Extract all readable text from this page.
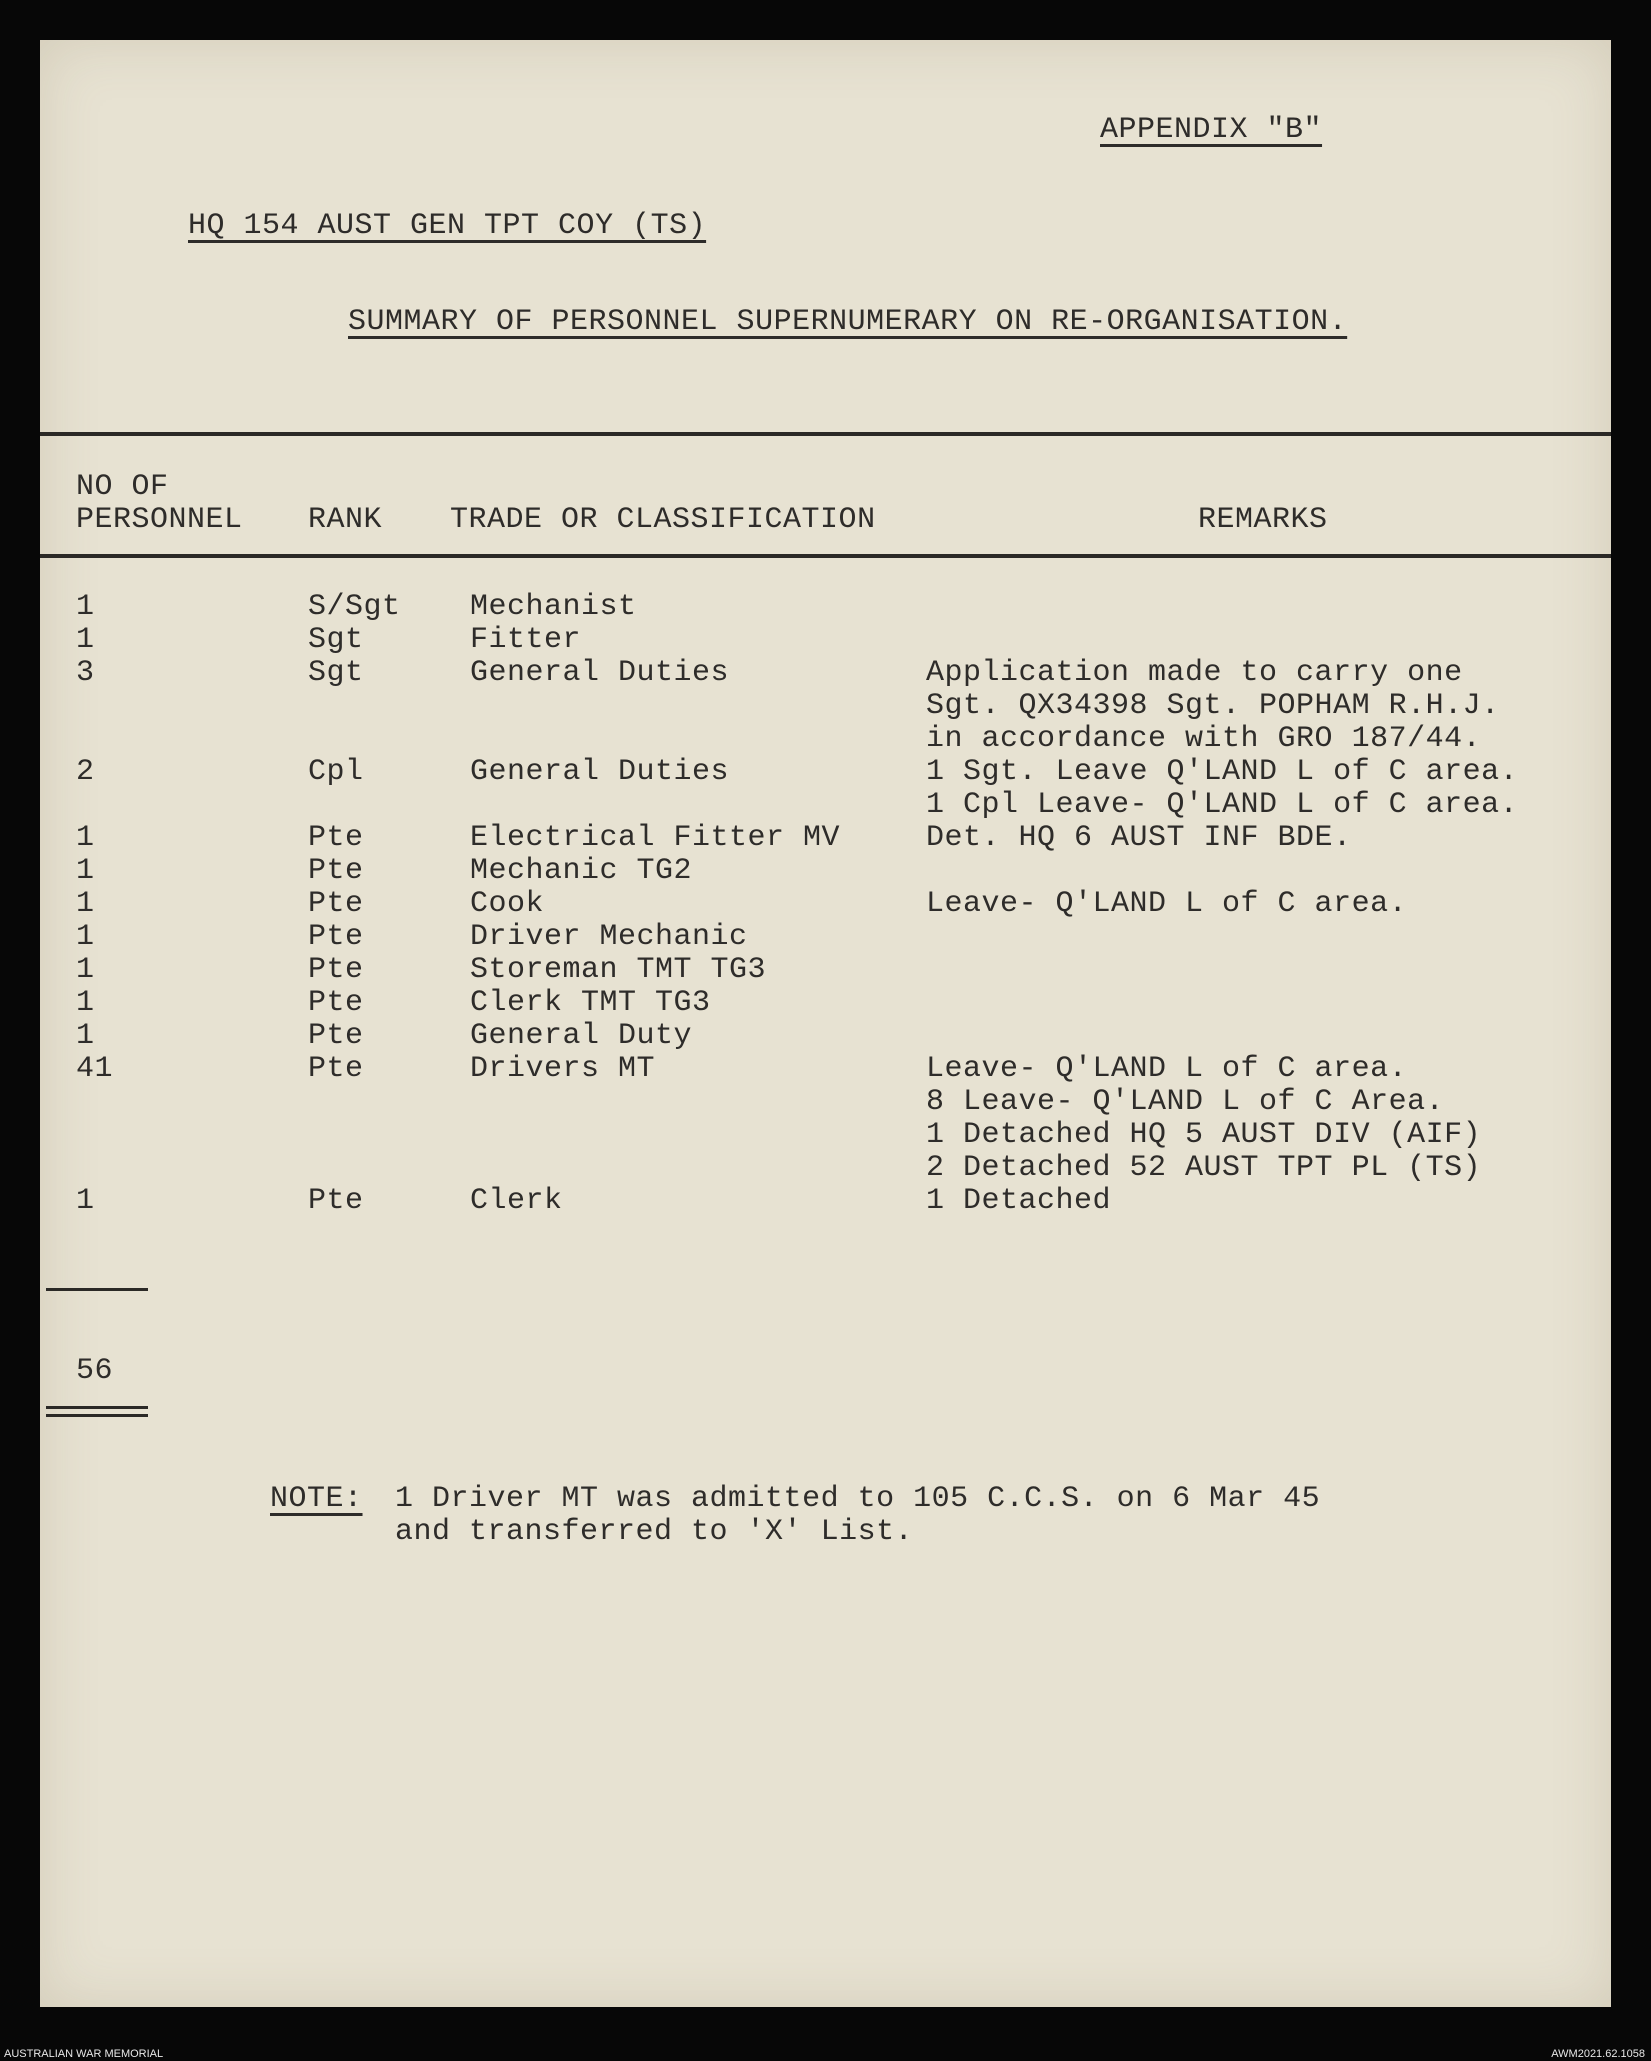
APPENDIX "B"
HQ 154 AUST GEN TPT COY (TS)
SUMMARY OF PERSONNEL SUPERNUMERARY ON RE-ORGANISATION.
NO OF
PERSONNEL RANK TRADE OR CLASSIFICATION	REMARKS
1
1
3
2
1
1
1
1
1
1
1
41
1
S/Sgt
Sgt
Sgt
Cpl
Pte
Pte
Pte
Pte
Pte
Pte
Pte
Pte
Pte
Mechanist
Fitter
General Duties
General Duties
Electrical Fitter MV
Mechanic TG2
Cook
Driver Mechanic
Storeman TMT TG3
Clerk TMT TG3
General Duty
Drivers MT
Clerk
Application made to carry one
Sgt. QX34398 Sgt. POPHAM R.H.J.
in accordance with GRO 187/44.
1 Sgt. Leave Q'LAND L of C area.
1 Cpl Leave- Q'LAND L of C area.
Det. HQ 6 AUST INF BDE.
Leave- Q'LAND L of C area.
Leave- Q'LAND L of C area.
8 Leave- Q'LAND L of C Area.
1 Detached HQ 5 AUST DIV (AIF)
2 Detached 52 AUST TPT PL (TS)
1 Detached
56
NOTE: 1 Driver MT was admitted to 105 C.C.S. on 6 Mar 45
and transferred to 'X' List.
AUSTRALIAN WAR MEMORIAL	AWM2021.62.1058
